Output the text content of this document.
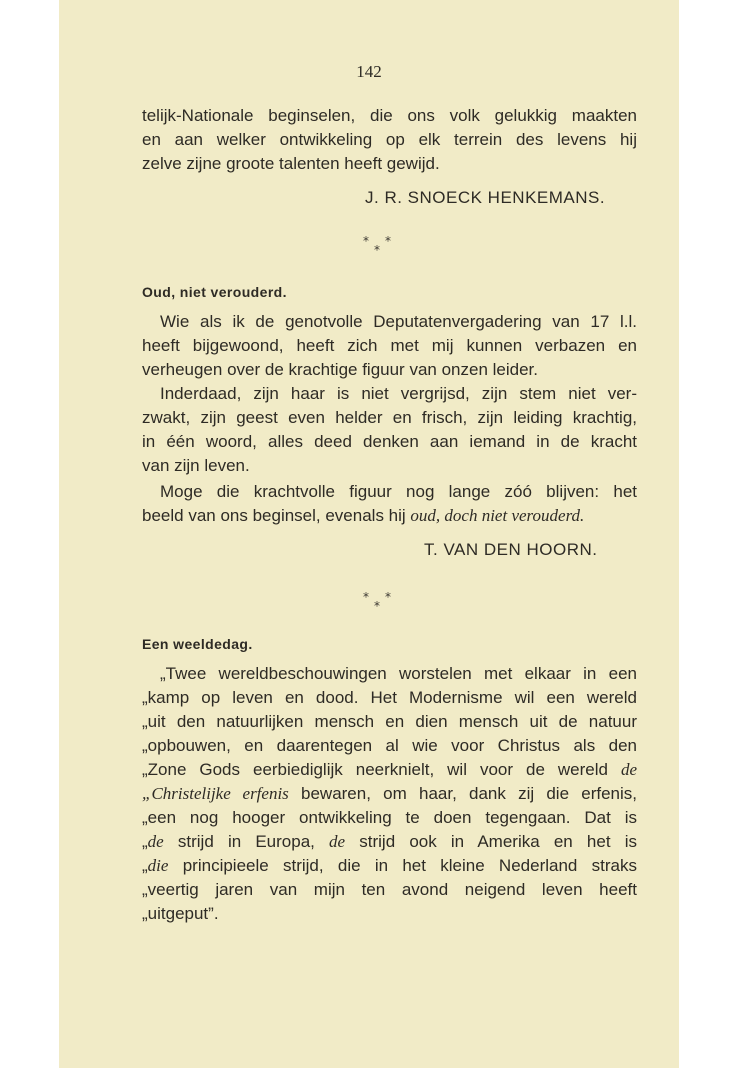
142
telijk-Nationale beginselen, die ons volk gelukkig maakten
en aan welker ontwikkeling op elk terrein des levens hij
zelve zijne groote talenten heeft gewijd.
J. R. SNOECK HENKEMANS.
*
*
*
Oud, niet verouderd.
Wie als ik de genotvolle Deputatenvergadering van 17 l.l.
heeft bijgewoond, heeft zich met mij kunnen verbazen en
verheugen over de krachtige figuur van onzen leider.
Inderdaad, zijn haar is niet vergrijsd, zijn stem niet ver-
zwakt, zijn geest even helder en frisch, zijn leiding krachtig,
in één woord, alles deed denken aan iemand in de kracht
van zijn leven.
Moge die krachtvolle figuur nog lange zóó blijven: het
beeld van ons beginsel, evenals hij oud, doch niet verouderd.
T. VAN DEN HOORN.
*
*
*
Een weeldedag.
„Twee wereldbeschouwingen worstelen met elkaar in een
„kamp op leven en dood. Het Modernisme wil een wereld
„uit den natuurlijken mensch en dien mensch uit de natuur
„opbouwen, en daarentegen al wie voor Christus als den
„Zone Gods eerbiediglijk neerknielt, wil voor de wereld de
„Christelijke erfenis bewaren, om haar, dank zij die erfenis,
„een nog hooger ontwikkeling te doen tegengaan. Dat is
„de strijd in Europa, de strijd ook in Amerika en het is
„die principieele strijd, die in het kleine Nederland straks
„veertig jaren van mijn ten avond neigend leven heeft
„uitgeput”.
